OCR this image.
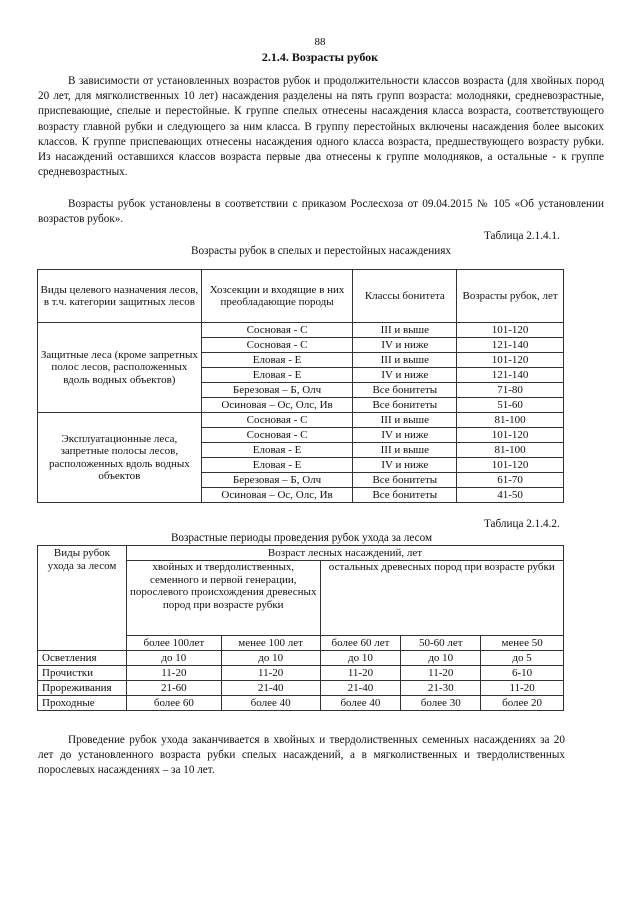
88
2.1.4. Возрасты рубок

В зависимости от установленных возрастов рубок и продолжительности классов возраста (для хвойных пород 20 лет, для мягколиственных 10 лет) насаждения разделены на пять групп возраста: молодняки, средневозрастные, приспевающие, спелые и перестойные. К группе спелых отнесены насаждения класса возраста, соответствующего возрасту главной рубки и следующего за ним класса. В группу перестойных включены насаждения более высоких классов. К группе приспевающих отнесены насаждения одного класса возраста, предшествующего возрасту рубки. Из насаждений оставшихся классов возраста первые два отнесены к группе молодняков, а остальные - к группе средневозрастных.

Возрасты рубок установлены в соответствии с приказом Рослесхоза от 09.04.2015 № 105 «Об установлении возрастов рубок».

Таблица 2.1.4.1.
Возрасты рубок в спелых и перестойных насаждениях
Виды целевого назначения лесов, в т.ч. категории защитных лесов	Хозсекции и входящие в них преобладающие породы	Классы бонитета	Возрасты рубок, лет
Защитные леса (кроме запретных полос лесов, расположенных вдоль водных объектов)	Сосновая - С	III и выше	101-120
	Сосновая - С	IV и ниже	121-140
	Еловая - Е	III и выше	101-120
	Еловая - Е	IV и ниже	121-140
	Березовая – Б, Олч	Все бонитеты	71-80
	Осиновая – Ос, Олс, Ив	Все бонитеты	51-60
Эксплуатационные леса, запретные полосы лесов, расположенных вдоль водных объектов	Сосновая - С	III и выше	81-100
	Сосновая - С	IV и ниже	101-120
	Еловая - Е	III и выше	81-100
	Еловая - Е	IV и ниже	101-120
	Березовая – Б, Олч	Все бонитеты	61-70
	Осиновая – Ос, Олс, Ив	Все бонитеты	41-50
Таблица 2.1.4.2.
Возрастные периоды проведения рубок ухода за лесом
Виды рубок ухода за лесом	Возраст лесных насаждений, лет				
	хвойных и твердолиственных, семенного и первой генерации, порослевого происхождения древесных пород при возрасте рубки		остальных древесных пород при возрасте рубки		
	более 100лет	менее 100 лет	более 60 лет	50-60 лет	менее 50
Осветления	до 10	до 10	до 10	до 10	до 5
Прочистки	11-20	11-20	11-20	11-20	6-10
Прореживания	21-60	21-40	21-40	21-30	11-20
Проходные	более 60	более 40	более 40	более 30	более 20

Проведение рубок ухода заканчивается в хвойных и твердолиственных семенных насаждениях за 20 лет до установленного возраста рубки спелых насаждений, а в мягколиственных и твердолиственных порослевых насаждениях – за 10 лет.
